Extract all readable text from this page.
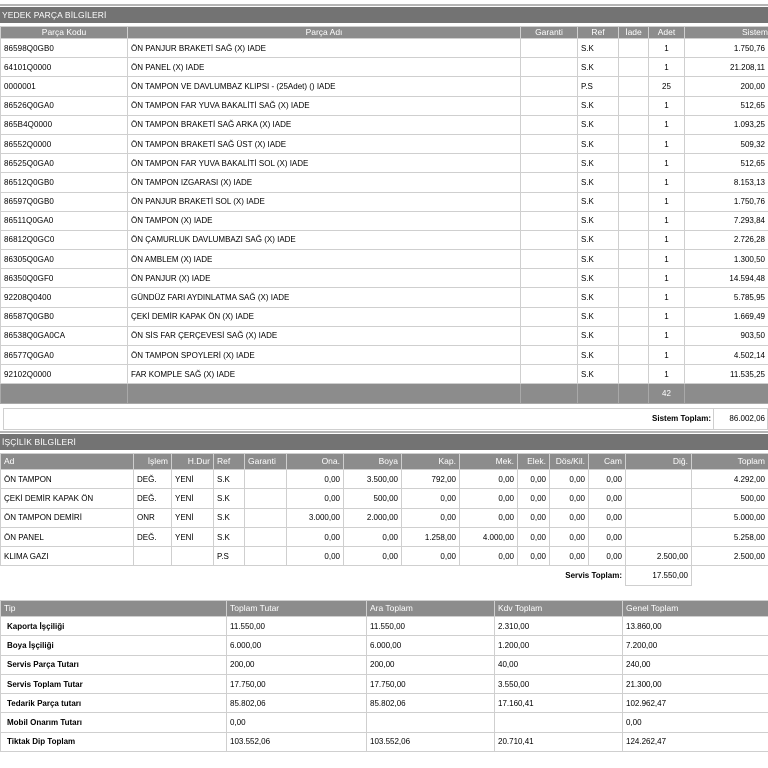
YEDEK PARÇA BİLGİLERİ
Parça Kodu	Parça Adı	Garanti	Ref	İade	Adet	Sistem
86598Q0GB0	ÖN PANJUR BRAKETİ SAĞ (X) IADE		S.K		1	1.750,76
64101Q0000	ÖN PANEL (X) IADE		S.K		1	21.208,11
0000001	ÖN TAMPON VE DAVLUMBAZ KLIPSI - (25Adet) () IADE		P.S		25	200,00
86526Q0GA0	ÖN TAMPON FAR YUVA BAKALİTİ SAĞ (X) IADE		S.K		1	512,65
865B4Q0000	ÖN TAMPON BRAKETİ SAĞ ARKA (X) IADE		S.K		1	1.093,25
86552Q0000	ÖN TAMPON BRAKETİ SAĞ ÜST (X) IADE		S.K		1	509,32
86525Q0GA0	ÖN TAMPON FAR YUVA BAKALİTİ SOL (X) IADE		S.K		1	512,65
86512Q0GB0	ÖN TAMPON IZGARASI (X) IADE		S.K		1	8.153,13
86597Q0GB0	ÖN PANJUR BRAKETİ SOL (X) IADE		S.K		1	1.750,76
86511Q0GA0	ÖN TAMPON (X) IADE		S.K		1	7.293,84
86812Q0GC0	ÖN ÇAMURLUK DAVLUMBAZI SAĞ (X) IADE		S.K		1	2.726,28
86305Q0GA0	ÖN AMBLEM (X) IADE		S.K		1	1.300,50
86350Q0GF0	ÖN PANJUR (X) IADE		S.K		1	14.594,48
92208Q0400	GÜNDÜZ FARI AYDINLATMA SAĞ (X) IADE		S.K		1	5.785,95
86587Q0GB0	ÇEKİ DEMİR KAPAK ÖN (X) IADE		S.K		1	1.669,49
86538Q0GA0CA	ÖN SİS FAR ÇERÇEVESİ SAĞ (X) IADE		S.K		1	903,50
86577Q0GA0	ÖN TAMPON SPOYLERİ (X) IADE		S.K		1	4.502,14
92102Q0000	FAR KOMPLE SAĞ (X) IADE		S.K		1	11.535,25
					42	
Sistem Toplam: 86.002,06
İŞÇİLİK BİLGİLERİ
Ad	İşlem	H.Dur	Ref	Garanti	Ona.	Boya	Kap.	Mek.	Elek.	Dös/Kil.	Cam	Diğ.	Toplam
ÖN TAMPON	DEĞ.	YENİ	S.K		0,00	3.500,00	792,00	0,00	0,00	0,00	0,00		4.292,00
ÇEKİ DEMİR KAPAK ÖN	DEĞ.	YENİ	S.K		0,00	500,00	0,00	0,00	0,00	0,00	0,00		500,00
ÖN TAMPON DEMİRİ	ONR	YENİ	S.K		3.000,00	2.000,00	0,00	0,00	0,00	0,00	0,00		5.000,00
ÖN PANEL	DEĞ.	YENİ	S.K		0,00	0,00	1.258,00	4.000,00	0,00	0,00	0,00		5.258,00
KLIMA GAZI			P.S		0,00	0,00	0,00	0,00	0,00	0,00	0,00	2.500,00	2.500,00
										Servis Toplam:		17.550,00	
Tip	Toplam Tutar	Ara Toplam	Kdv Toplam	Genel Toplam
Kaporta İşçiliği	11.550,00	11.550,00	2.310,00	13.860,00
Boya İşçiliği	6.000,00	6.000,00	1.200,00	7.200,00
Servis Parça Tutarı	200,00	200,00	40,00	240,00
Servis Toplam Tutar	17.750,00	17.750,00	3.550,00	21.300,00
Tedarik Parça tutarı	85.802,06	85.802,06	17.160,41	102.962,47
Mobil Onarım Tutarı	0,00			0,00
Tiktak Dip Toplam	103.552,06	103.552,06	20.710,41	124.262,47
